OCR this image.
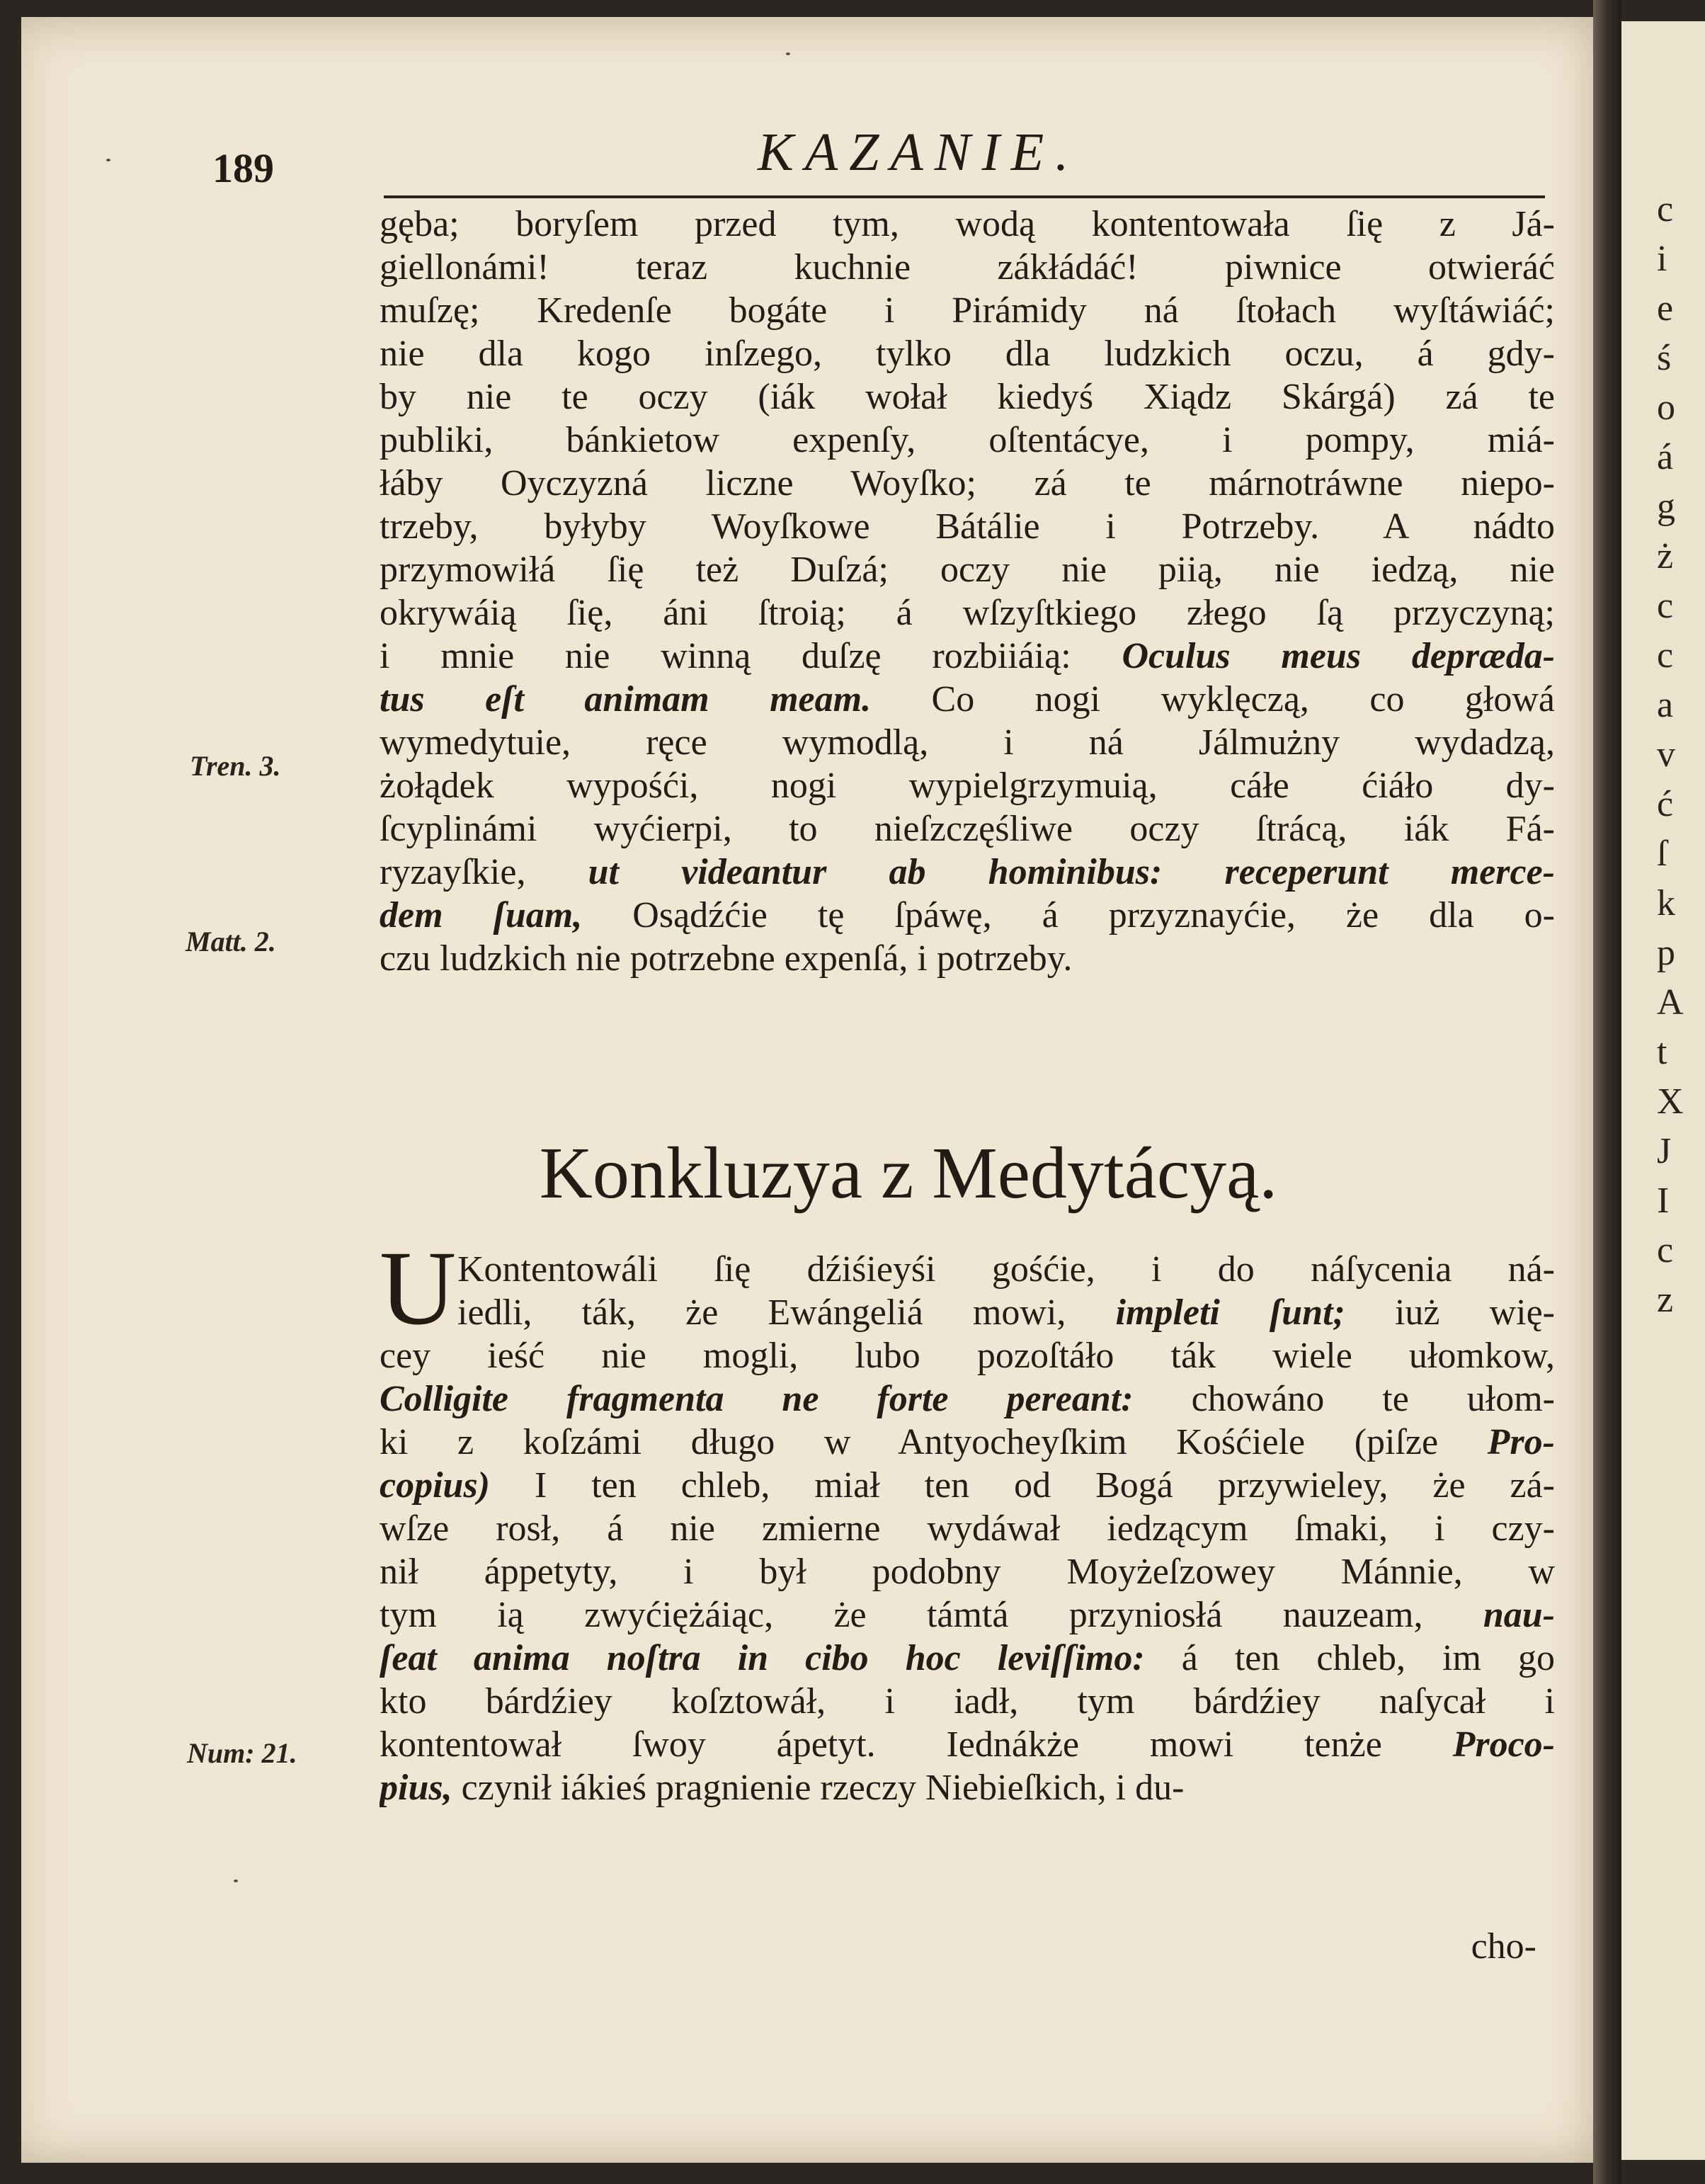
189	KAZANIE.
Tren. 3.
Matt. 2.
Num: 21.
gęba; boryſem przed tym, wodą kontentowała ſię z Já-
giellonámi! teraz kuchnie zákłádáć! piwnice otwieráć
muſzę; Kredenſe bogáte i Pirámidy ná ſtołach wyſtáwiáć;
nie dla kogo inſzego, tylko dla ludzkich oczu, á gdy-
by nie te oczy (iák wołał kiedyś Xiądz Skárgá) zá te
publiki, bánkietow expenſy, oſtentácye, i pompy, miá-
łáby Oyczyzná liczne Woyſko; zá te márnotráwne niepo-
trzeby, byłyby Woyſkowe Bátálie i Potrzeby. A nádto
przymowiłá ſię też Duſzá; oczy nie piią, nie iedzą, nie
okrywáią ſię, áni ſtroią; á wſzyſtkiego złego ſą przyczyną;
i mnie nie winną duſzę rozbiiáią: Oculus meus depræda-
tus eſt animam meam. Co nogi wyklęczą, co głowá
wymedytuie, ręce wymodlą, i ná Jálmużny wydadzą,
żołądek wypośći, nogi wypielgrzymuią, cáłe ćiáło dy-
ſcyplinámi wyćierpi, to nieſzczęśliwe oczy ſtrácą, iák Fá-
ryzayſkie, ut videantur ab hominibus: receperunt merce-
dem ſuam, Osądźćie tę ſpáwę, á przyznayćie, że dla o-
czu ludzkich nie potrzebne expenſá, i potrzeby.
Konkluzya z Medytácyą.
U Kontentowáli ſię dźiśieyśi gośćie, i do náſycenia ná-
iedli, ták, że Ewángeliá mowi, impleti ſunt; iuż wię-
cey ieść nie mogli, lubo pozoſtáło ták wiele ułomkow,
Colligite fragmenta ne forte pereant: chowáno te ułom-
ki z koſzámi długo w Antyocheyſkim Kośćiele (piſze Pro-
copius) I ten chleb, miał ten od Bogá przywieley, że zá-
wſze rosł, á nie zmierne wydáwał iedzącym ſmaki, i czy-
nił áppetyty, i był podobny Moyżeſzowey Mánnie, w
tym ią zwyćiężáiąc, że támtá przyniosłá nauzeam, nau-
ſeat anima noſtra in cibo hoc leviſſimo: á ten chleb, im go
kto bárdźiey koſztowáł, i iadł, tym bárdźiey naſycał i
kontentował ſwoy ápetyt. Iednákże mowi tenże Proco-
pius, czynił iákieś pragnienie rzeczy Niebieſkich, i du-
cho-
c
i
e
ś
o
á
g
ż
c
c
a
v
ć
ſ
k
p
A
t
X
J
I
c
z
